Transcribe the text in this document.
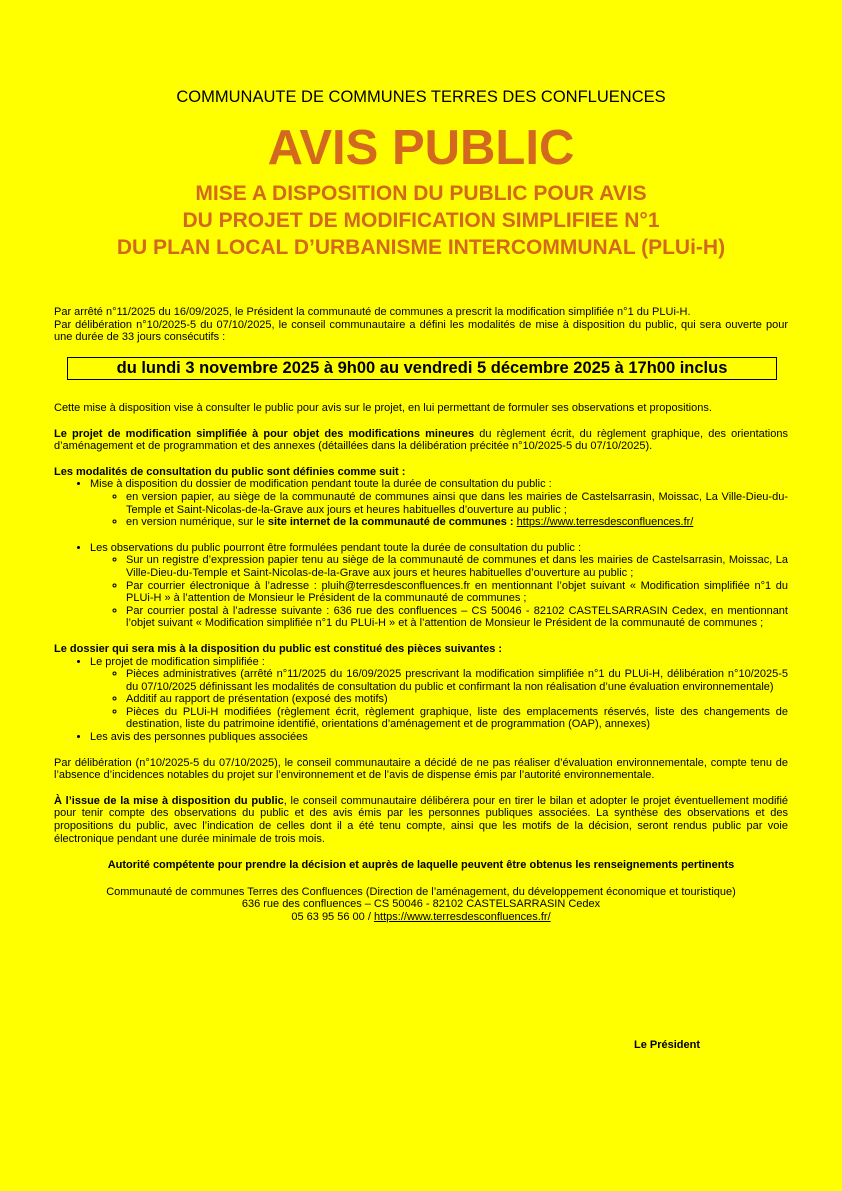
COMMUNAUTE DE COMMUNES TERRES DES CONFLUENCES
AVIS PUBLIC
MISE A DISPOSITION DU PUBLIC POUR AVIS
DU PROJET DE MODIFICATION SIMPLIFIEE N°1
DU PLAN LOCAL D’URBANISME INTERCOMMUNAL (PLUi-H)
Par arrêté n°11/2025 du 16/09/2025, le Président la communauté de communes a prescrit la modification simplifiée n°1 du PLUi-H.
Par délibération n°10/2025-5 du 07/10/2025, le conseil communautaire a défini les modalités de mise à disposition du public, qui sera ouverte pour une durée de 33 jours consécutifs :
du lundi 3 novembre 2025 à 9h00 au vendredi 5 décembre 2025 à 17h00 inclus
Cette mise à disposition vise à consulter le public pour avis sur le projet, en lui permettant de formuler ses observations et propositions.
Le projet de modification simplifiée à pour objet des modifications mineures du règlement écrit, du règlement graphique, des orientations d’aménagement et de programmation et des annexes (détaillées dans la délibération précitée n°10/2025-5 du 07/10/2025).
Les modalités de consultation du public sont définies comme suit :
• Mise à disposition du dossier de modification pendant toute la durée de consultation du public :
◦ en version papier, au siège de la communauté de communes ainsi que dans les mairies de Castelsarrasin, Moissac, La Ville-Dieu-du-Temple et Saint-Nicolas-de-la-Grave aux jours et heures habituelles d’ouverture au public ;
◦ en version numérique, sur le site internet de la communauté de communes : https://www.terresdesconfluences.fr/
• Les observations du public pourront être formulées pendant toute la durée de consultation du public :
◦ Sur un registre d’expression papier tenu au siège de la communauté de communes et dans les mairies de Castelsarrasin, Moissac, La Ville-Dieu-du-Temple et Saint-Nicolas-de-la-Grave aux jours et heures habituelles d’ouverture au public ;
◦ Par courrier électronique à l’adresse : pluih@terresdesconfluences.fr en mentionnant l’objet suivant « Modification simplifiée n°1 du PLUi-H » à l’attention de Monsieur le Président de la communauté de communes ;
◦ Par courrier postal à l’adresse suivante : 636 rue des confluences – CS 50046 - 82102 CASTELSARRASIN Cedex, en mentionnant l’objet suivant « Modification simplifiée n°1 du PLUi-H » et à l’attention de Monsieur le Président de la communauté de communes ;
Le dossier qui sera mis à la disposition du public est constitué des pièces suivantes :
• Le projet de modification simplifiée :
◦ Pièces administratives (arrêté n°11/2025 du 16/09/2025 prescrivant la modification simplifiée n°1 du PLUi-H, délibération n°10/2025-5 du 07/10/2025 définissant les modalités de consultation du public et confirmant la non réalisation d’une évaluation environnementale)
◦ Additif au rapport de présentation (exposé des motifs)
◦ Pièces du PLUi-H modifiées (règlement écrit, règlement graphique, liste des emplacements réservés, liste des changements de destination, liste du patrimoine identifié, orientations d’aménagement et de programmation (OAP), annexes)
• Les avis des personnes publiques associées
Par délibération (n°10/2025-5 du 07/10/2025), le conseil communautaire a décidé de ne pas réaliser d’évaluation environnementale, compte tenu de l’absence d’incidences notables du projet sur l’environnement et de l’avis de dispense émis par l’autorité environnementale.
À l’issue de la mise à disposition du public, le conseil communautaire délibérera pour en tirer le bilan et adopter le projet éventuellement modifié pour tenir compte des observations du public et des avis émis par les personnes publiques associées. La synthèse des observations et des propositions du public, avec l’indication de celles dont il a été tenu compte, ainsi que les motifs de la décision, seront rendus public par voie électronique pendant une durée minimale de trois mois.
Autorité compétente pour prendre la décision et auprès de laquelle peuvent être obtenus les renseignements pertinents
Communauté de communes Terres des Confluences (Direction de l’aménagement, du développement économique et touristique)
636 rue des confluences – CS 50046 - 82102 CASTELSARRASIN Cedex
05 63 95 56 00 / https://www.terresdesconfluences.fr/
Le Président
